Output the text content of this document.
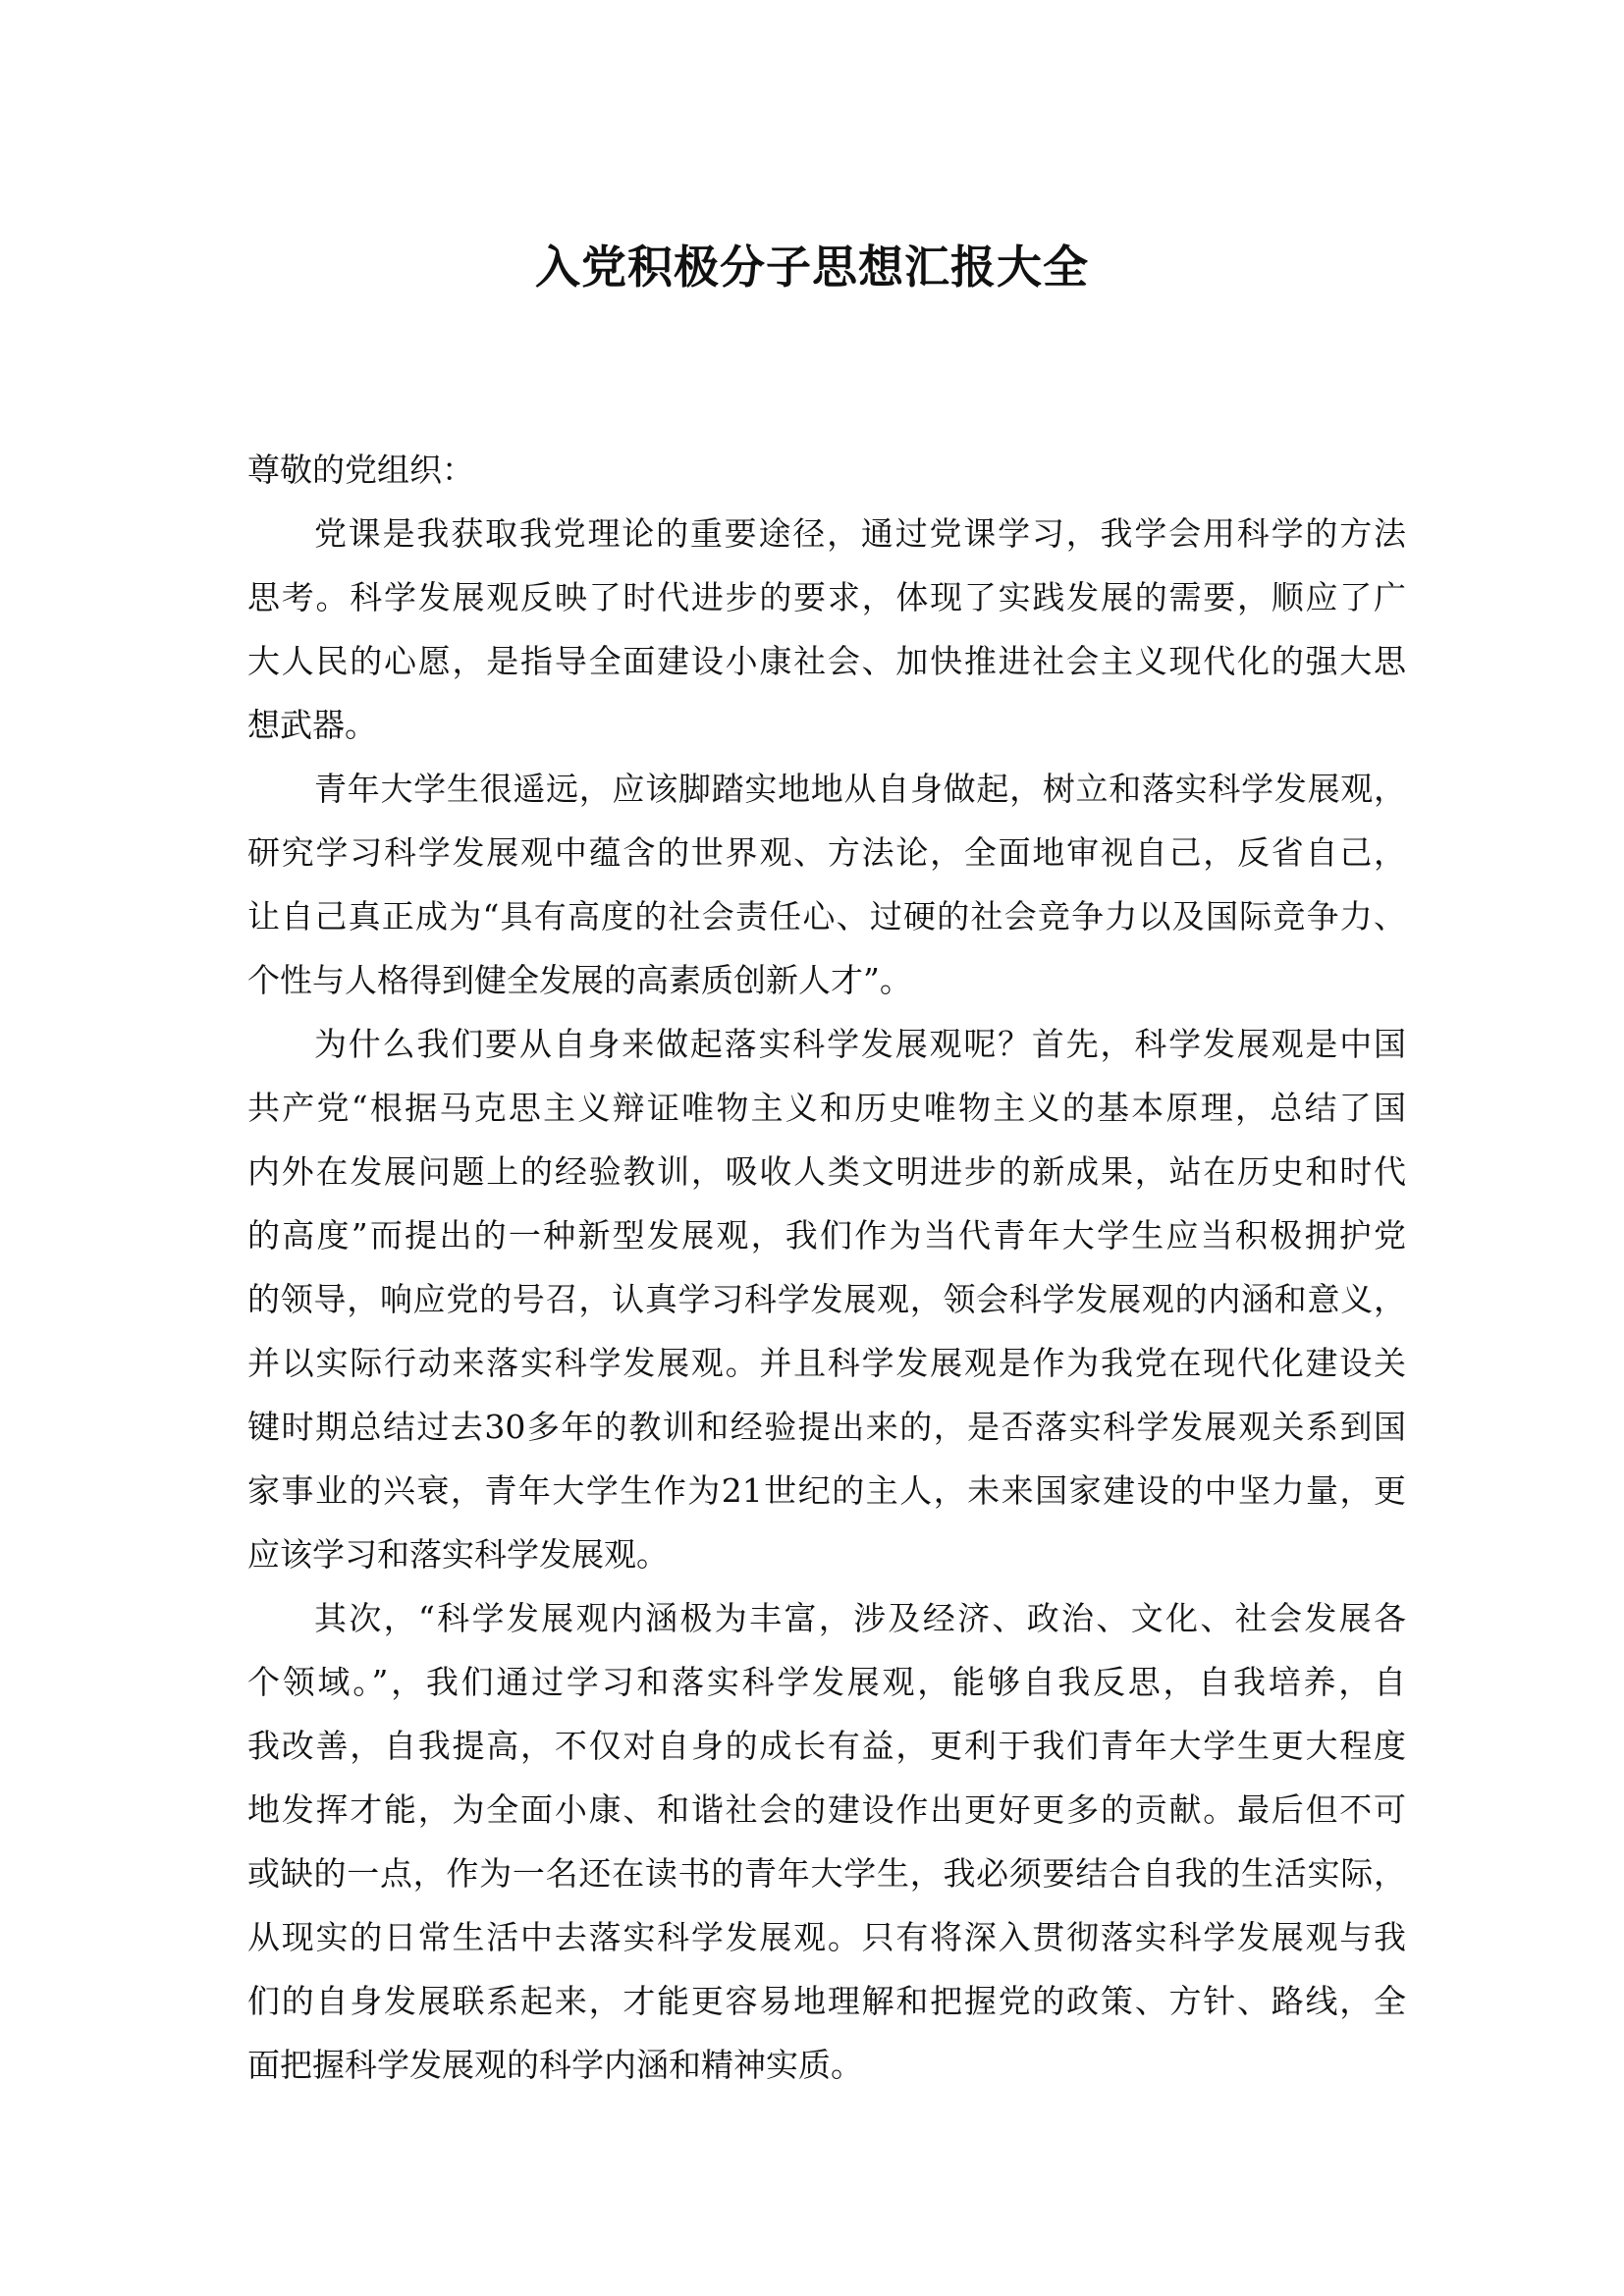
入党积极分子思想汇报大全
尊敬的党组织：
党课是我获取我党理论的重要途径，通过党课学习，我学会用科学的方法
思考。科学发展观反映了时代进步的要求，体现了实践发展的需要，顺应了广
大人民的心愿，是指导全面建设小康社会、加快推进社会主义现代化的强大思
想武器。
青年大学生很遥远，应该脚踏实地地从自身做起，树立和落实科学发展观，
研究学习科学发展观中蕴含的世界观、方法论，全面地审视自己，反省自己，
让自己真正成为“具有高度的社会责任心、过硬的社会竞争力以及国际竞争力、
个性与人格得到健全发展的高素质创新人才”。
为什么我们要从自身来做起落实科学发展观呢？首先，科学发展观是中国
共产党“根据马克思主义辩证唯物主义和历史唯物主义的基本原理，总结了国
内外在发展问题上的经验教训，吸收人类文明进步的新成果，站在历史和时代
的高度”而提出的一种新型发展观，我们作为当代青年大学生应当积极拥护党
的领导，响应党的号召，认真学习科学发展观，领会科学发展观的内涵和意义，
并以实际行动来落实科学发展观。并且科学发展观是作为我党在现代化建设关
键时期总结过去30多年的教训和经验提出来的，是否落实科学发展观关系到国
家事业的兴衰，青年大学生作为21世纪的主人，未来国家建设的中坚力量，更
应该学习和落实科学发展观。
其次，“科学发展观内涵极为丰富，涉及经济、政治、文化、社会发展各
个领域。”，我们通过学习和落实科学发展观，能够自我反思，自我培养，自
我改善，自我提高，不仅对自身的成长有益，更利于我们青年大学生更大程度
地发挥才能，为全面小康、和谐社会的建设作出更好更多的贡献。最后但不可
或缺的一点，作为一名还在读书的青年大学生，我必须要结合自我的生活实际，
从现实的日常生活中去落实科学发展观。只有将深入贯彻落实科学发展观与我
们的自身发展联系起来，才能更容易地理解和把握党的政策、方针、路线，全
面把握科学发展观的科学内涵和精神实质。
